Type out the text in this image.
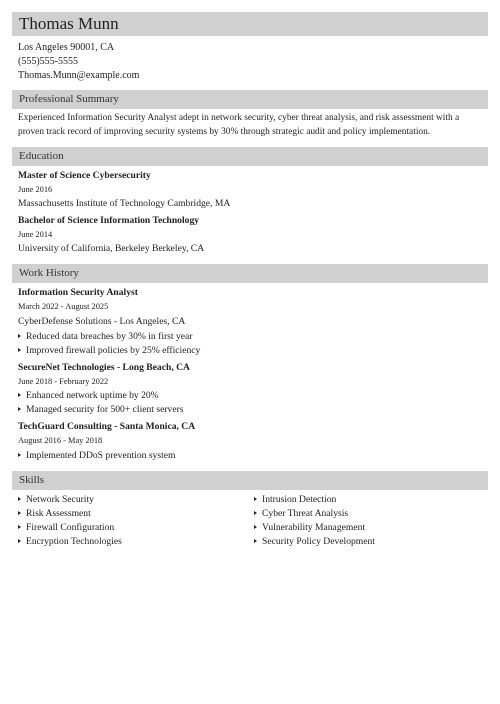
Thomas Munn
Los Angeles 90001, CA
(555)555-5555
Thomas.Munn@example.com
Professional Summary
Experienced Information Security Analyst adept in network security, cyber threat analysis, and risk assessment with a proven track record of improving security systems by 30% through strategic audit and policy implementation.
Education
Master of Science Cybersecurity
June 2016
Massachusetts Institute of Technology Cambridge, MA
Bachelor of Science Information Technology
June 2014
University of California, Berkeley Berkeley, CA
Work History
Information Security Analyst
March 2022 - August 2025
CyberDefense Solutions - Los Angeles, CA
Reduced data breaches by 30% in first year
Improved firewall policies by 25% efficiency
SecureNet Technologies - Long Beach, CA
June 2018 - February 2022
Enhanced network uptime by 20%
Managed security for 500+ client servers
TechGuard Consulting - Santa Monica, CA
August 2016 - May 2018
Implemented DDoS prevention system
Skills
Network Security
Risk Assessment
Firewall Configuration
Encryption Technologies
Intrusion Detection
Cyber Threat Analysis
Vulnerability Management
Security Policy Development
